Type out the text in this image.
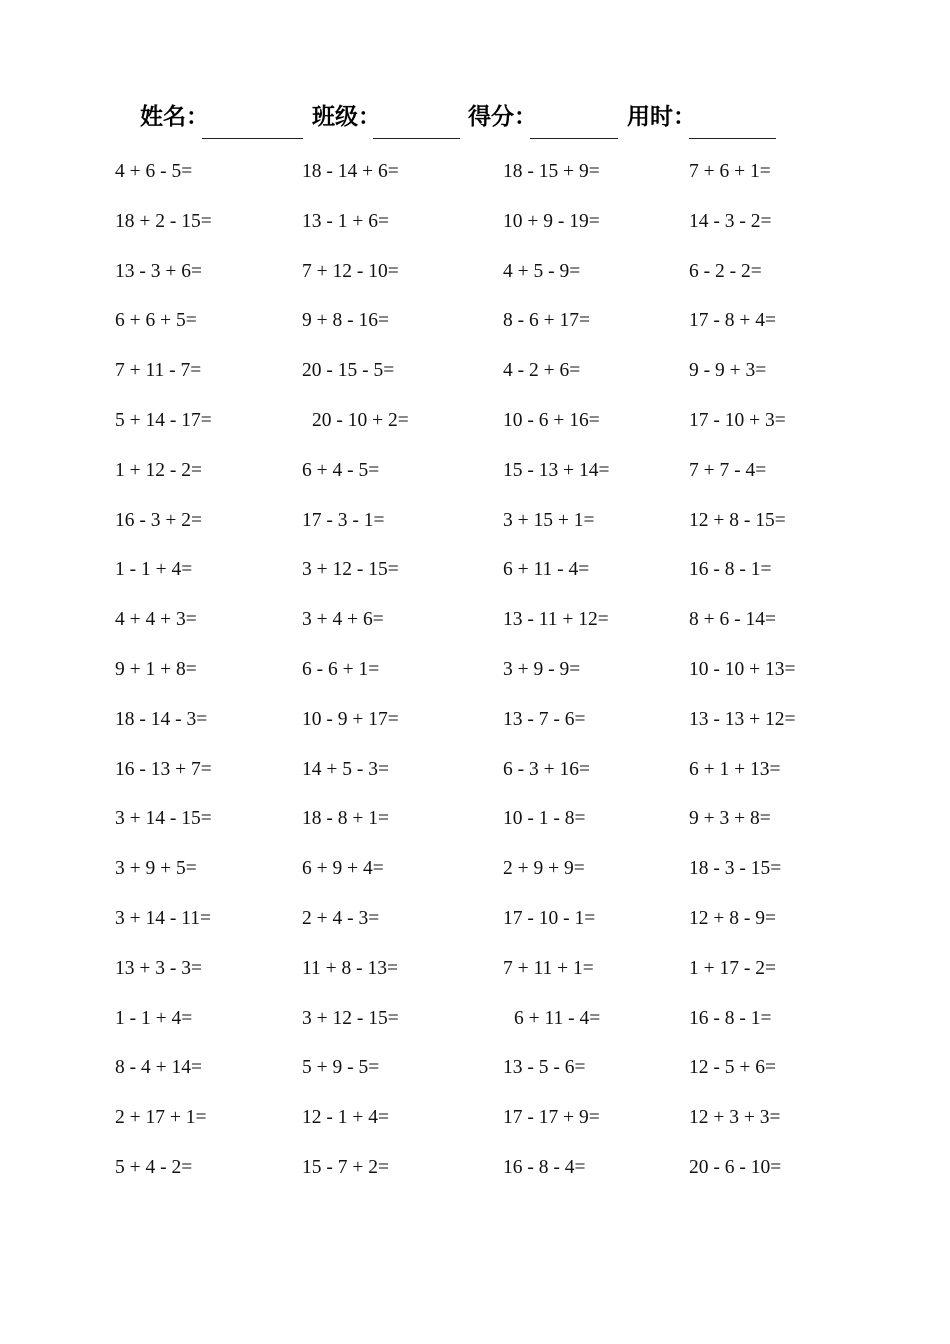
姓名：	班级：	得分：	用时：
4 + 6 - 5=	18 - 14 + 6=	18 - 15 + 9=	7 + 6 + 1=
18 + 2 - 15=	13 - 1 + 6=	10 + 9 - 19=	14 - 3 - 2=
13 - 3 + 6=	7 + 12 - 10=	4 + 5 - 9=	6 - 2 - 2=
6 + 6 + 5=	9 + 8 - 16=	8 - 6 + 17=	17 - 8 + 4=
7 + 11 - 7=	20 - 15 - 5=	4 - 2 + 6=	9 - 9 + 3=
5 + 14 - 17=	20 - 10 + 2=	10 - 6 + 16=	17 - 10 + 3=
1 + 12 - 2=	6 + 4 - 5=	15 - 13 + 14=	7 + 7 - 4=
16 - 3 + 2=	17 - 3 - 1=	3 + 15 + 1=	12 + 8 - 15=
1 - 1 + 4=	3 + 12 - 15=	6 + 11 - 4=	16 - 8 - 1=
4 + 4 + 3=	3 + 4 + 6=	13 - 11 + 12=	8 + 6 - 14=
9 + 1 + 8=	6 - 6 + 1=	3 + 9 - 9=	10 - 10 + 13=
18 - 14 - 3=	10 - 9 + 17=	13 - 7 - 6=	13 - 13 + 12=
16 - 13 + 7=	14 + 5 - 3=	6 - 3 + 16=	6 + 1 + 13=
3 + 14 - 15=	18 - 8 + 1=	10 - 1 - 8=	9 + 3 + 8=
3 + 9 + 5=	6 + 9 + 4=	2 + 9 + 9=	18 - 3 - 15=
3 + 14 - 11=	2 + 4 - 3=	17 - 10 - 1=	12 + 8 - 9=
13 + 3 - 3=	11 + 8 - 13=	7 + 11 + 1=	1 + 17 - 2=
1 - 1 + 4=	3 + 12 - 15=	6 + 11 - 4=	16 - 8 - 1=
8 - 4 + 14=	5 + 9 - 5=	13 - 5 - 6=	12 - 5 + 6=
2 + 17 + 1=	12 - 1 + 4=	17 - 17 + 9=	12 + 3 + 3=
5 + 4 - 2=	15 - 7 + 2=	16 - 8 - 4=	20 - 6 - 10=
